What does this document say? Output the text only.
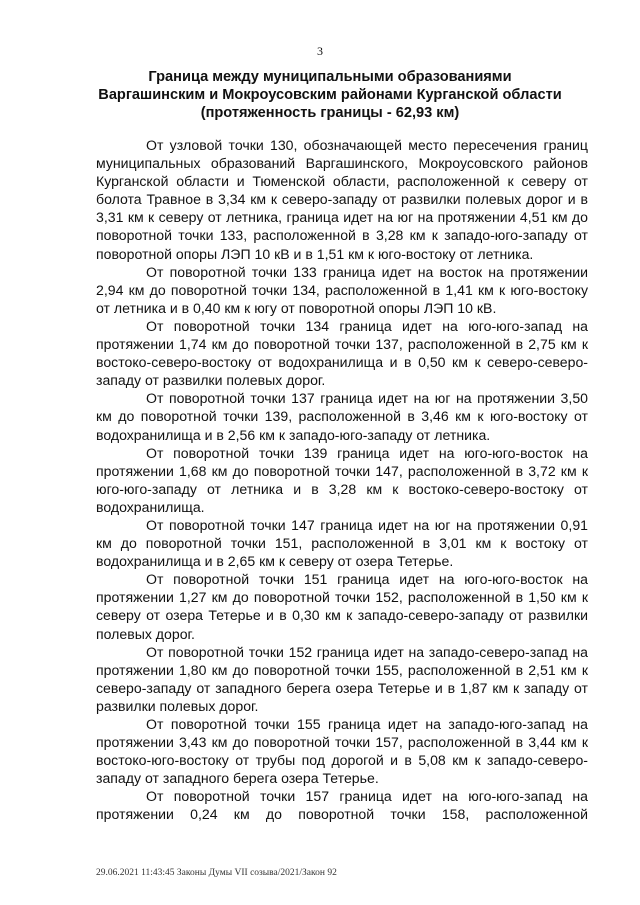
3
Граница между муниципальными образованиями
Варгашинским и Мокроусовским районами Курганской области
(протяженность границы - 62,93 км)

От узловой точки 130, обозначающей место пересечения границ муниципальных образований Варгашинского, Мокроусовского районов Курганской области и Тюменской области, расположенной к северу от болота Травное в 3,34 км к северо-западу от развилки полевых дорог и в 3,31 км к северу от летника, граница идет на юг на протяжении 4,51 км до поворотной точки 133, расположенной в 3,28 км к западо-юго-западу от поворотной опоры ЛЭП 10 кВ и в 1,51 км к юго-востоку от летника.

От поворотной точки 133 граница идет на восток на протяжении 2,94 км до поворотной точки 134, расположенной в 1,41 км к юго-востоку от летника и в 0,40 км к югу от поворотной опоры ЛЭП 10 кВ.

От поворотной точки 134 граница идет на юго-юго-запад на протяжении 1,74 км до поворотной точки 137, расположенной в 2,75 км к востоко-северо-востоку от водохранилища и в 0,50 км к северо-северо-западу от развилки полевых дорог.

От поворотной точки 137 граница идет на юг на протяжении 3,50 км до поворотной точки 139, расположенной в 3,46 км к юго-востоку от водохранилища и в 2,56 км к западо-юго-западу от летника.

От поворотной точки 139 граница идет на юго-юго-восток на протяжении 1,68 км до поворотной точки 147, расположенной в 3,72 км к юго-юго-западу от летника и в 3,28 км к востоко-северо-востоку от водохранилища.

От поворотной точки 147 граница идет на юг на протяжении 0,91 км до поворотной точки 151, расположенной в 3,01 км к востоку от водохранилища и в 2,65 км к северу от озера Тетерье.

От поворотной точки 151 граница идет на юго-юго-восток на протяжении 1,27 км до поворотной точки 152, расположенной в 1,50 км к северу от озера Тетерье и в 0,30 км к западо-северо-западу от развилки полевых дорог.

От поворотной точки 152 граница идет на западо-северо-запад на протяжении 1,80 км до поворотной точки 155, расположенной в 2,51 км к северо-западу от западного берега озера Тетерье и в 1,87 км к западу от развилки полевых дорог.

От поворотной точки 155 граница идет на западо-юго-запад на протяжении 3,43 км до поворотной точки 157, расположенной в 3,44 км к востоко-юго-востоку от трубы под дорогой и в 5,08 км к западо-северо-западу от западного берега озера Тетерье.

От поворотной точки 157 граница идет на юго-юго-запад на протяжении 0,24 км до поворотной точки 158, расположенной

29.06.2021 11:43:45 Законы Думы VII созыва/2021/Закон 92
